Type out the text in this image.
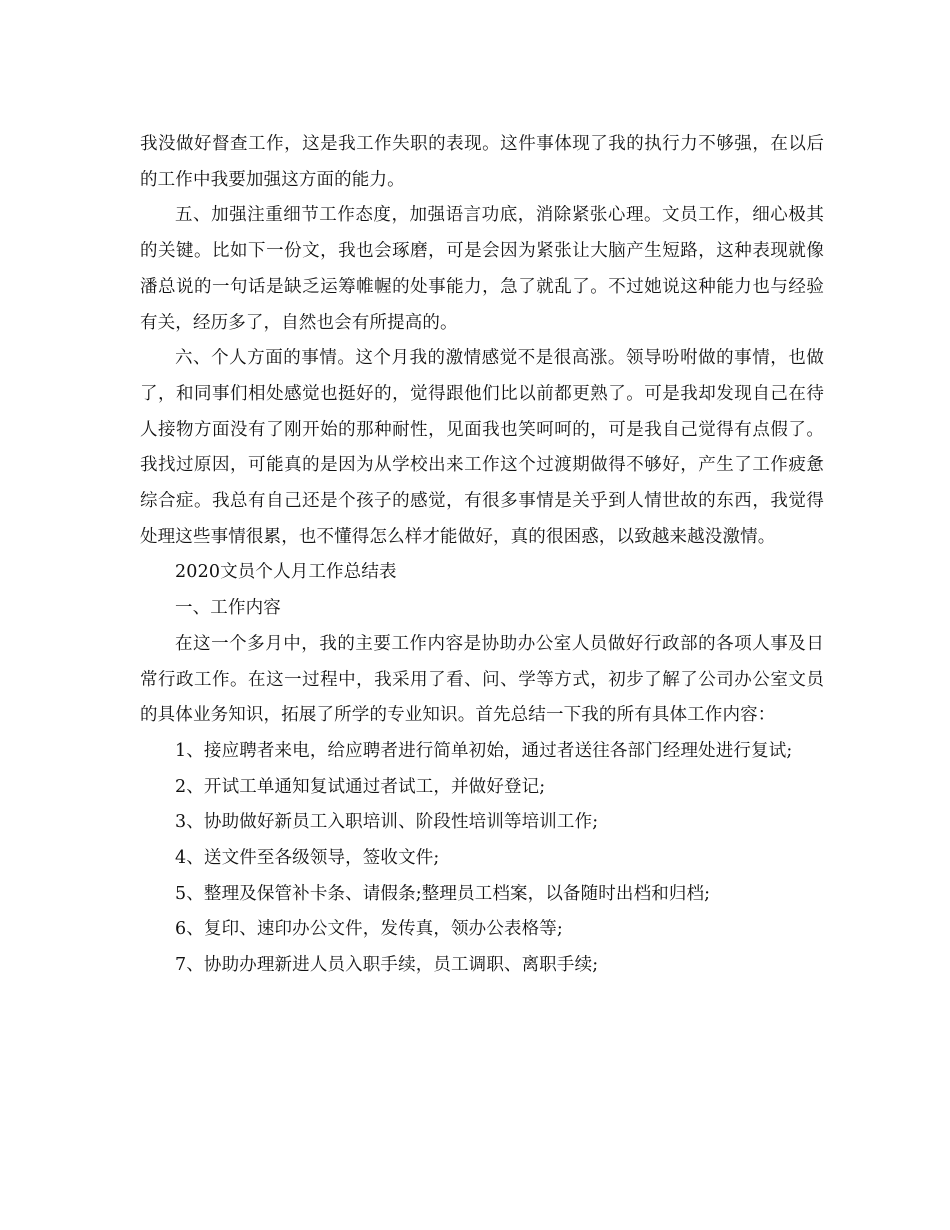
我没做好督查工作，这是我工作失职的表现。这件事体现了我的执行力不够强，在以后的工作中我要加强这方面的能力。

五、加强注重细节工作态度，加强语言功底，消除紧张心理。文员工作，细心极其的关键。比如下一份文，我也会琢磨，可是会因为紧张让大脑产生短路，这种表现就像潘总说的一句话是缺乏运筹帷幄的处事能力，急了就乱了。不过她说这种能力也与经验有关，经历多了，自然也会有所提高的。

六、个人方面的事情。这个月我的激情感觉不是很高涨。领导吩咐做的事情，也做了，和同事们相处感觉也挺好的，觉得跟他们比以前都更熟了。可是我却发现自己在待人接物方面没有了刚开始的那种耐性，见面我也笑呵呵的，可是我自己觉得有点假了。我找过原因，可能真的是因为从学校出来工作这个过渡期做得不够好，产生了工作疲惫综合症。我总有自己还是个孩子的感觉，有很多事情是关乎到人情世故的东西，我觉得处理这些事情很累，也不懂得怎么样才能做好，真的很困惑，以致越来越没激情。

2020文员个人月工作总结表

一、工作内容

在这一个多月中，我的主要工作内容是协助办公室人员做好行政部的各项人事及日常行政工作。在这一过程中，我采用了看、问、学等方式，初步了解了公司办公室文员的具体业务知识，拓展了所学的专业知识。首先总结一下我的所有具体工作内容：

1、接应聘者来电，给应聘者进行简单初始，通过者送往各部门经理处进行复试;

2、开试工单通知复试通过者试工，并做好登记;

3、协助做好新员工入职培训、阶段性培训等培训工作;

4、送文件至各级领导，签收文件;

5、整理及保管补卡条、请假条;整理员工档案，以备随时出档和归档;

6、复印、速印办公文件，发传真，领办公表格等;

7、协助办理新进人员入职手续，员工调职、离职手续;
